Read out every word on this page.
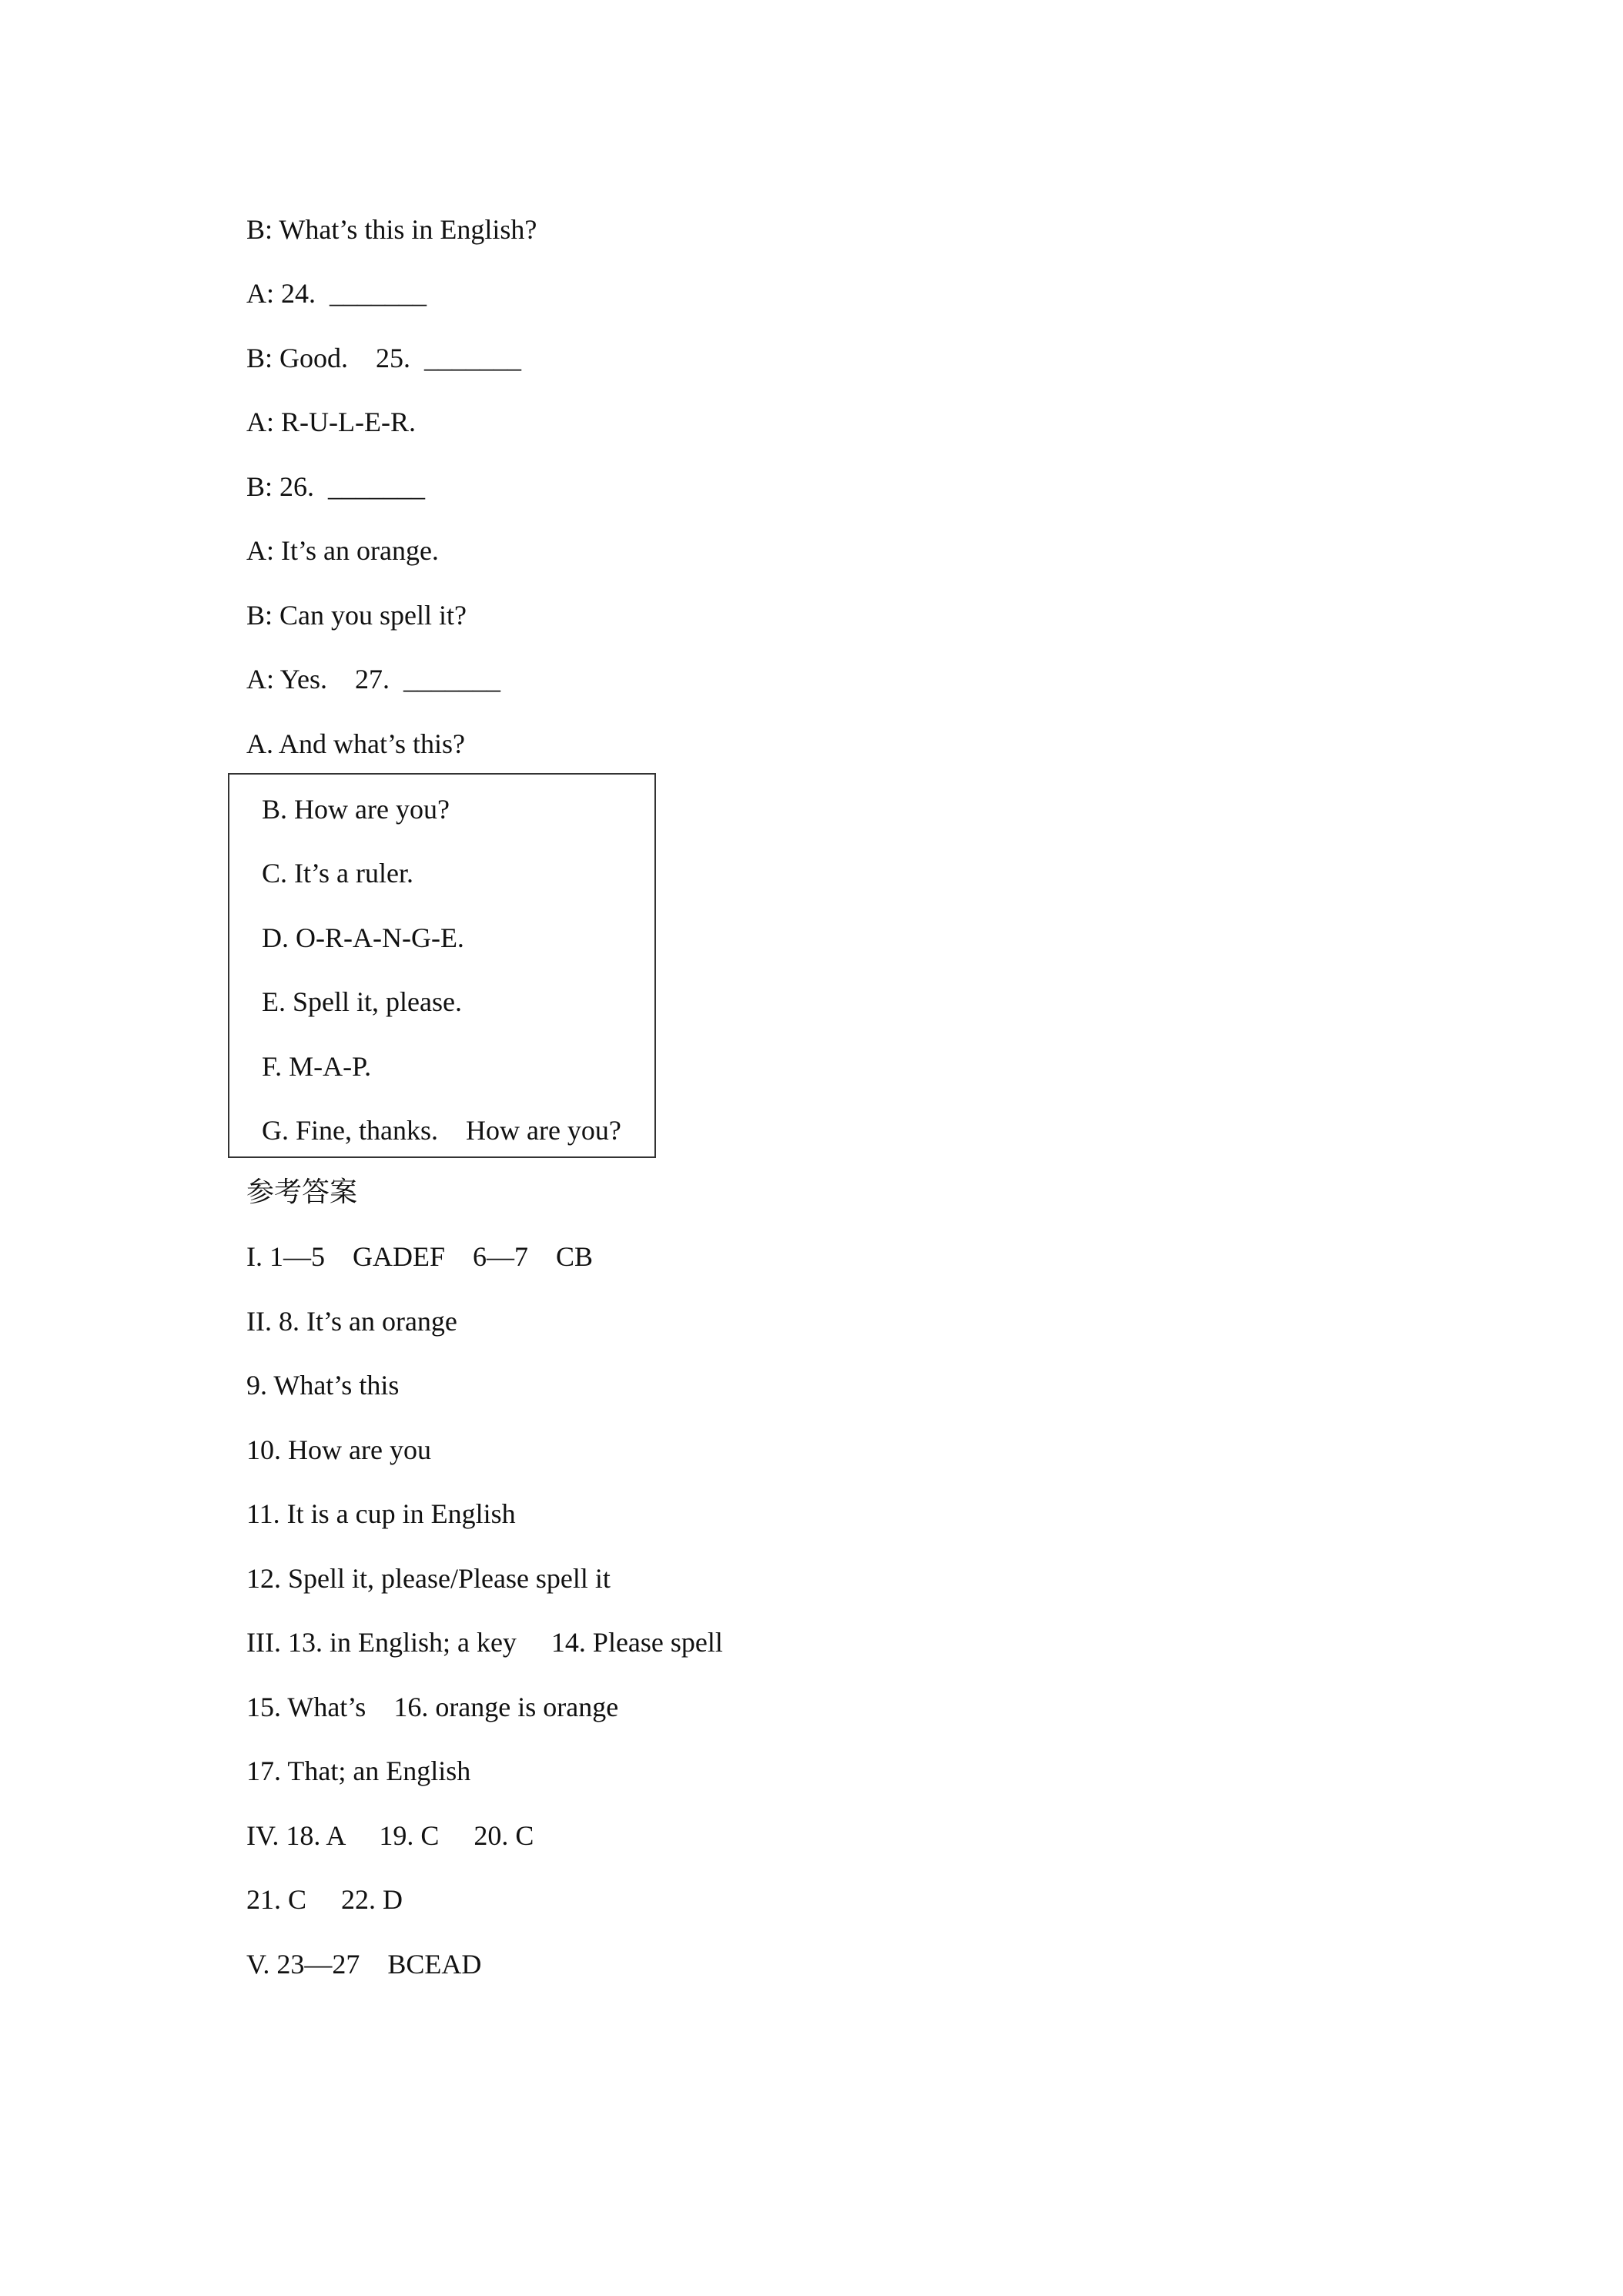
B: What’s this in English?

A: 24.  _______

B: Good.    25.  _______

A: R-U-L-E-R.

B: 26.  _______

A: It’s an orange.

B: Can you spell it?

A: Yes.    27.  _______

A. And what’s this?

B. How are you?

C. It’s a ruler.

D. O-R-A-N-G-E.

E. Spell it, please.

F. M-A-P.

G. Fine, thanks.    How are you?

参考答案

I. 1—5    GADEF    6—7    CB

II. 8. It’s an orange

9. What’s this

10. How are you

11. It is a cup in English

12. Spell it, please/Please spell it

III. 13. in English; a key     14. Please spell

15. What’s    16. orange is orange

17. That; an English

IV. 18. A     19. C     20. C

21. C     22. D

V. 23—27    BCEAD
